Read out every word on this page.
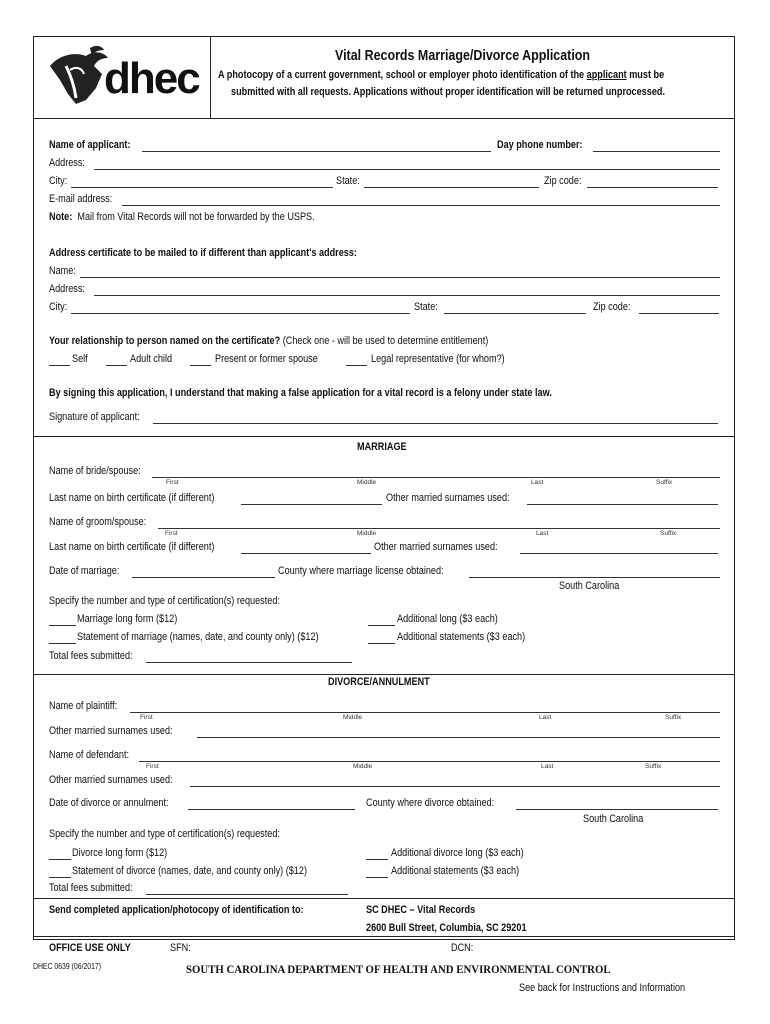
dhec	Vital Records Marriage/Divorce Application
A photocopy of a current government, school or employer photo identification of the applicant must be
submitted with all requests. Applications without proper identification will be returned unprocessed.
Name of applicant:	Day phone number:
Address:
City:	State:	Zip code:
E-mail address:
Note: Mail from Vital Records will not be forwarded by the USPS.
Address certificate to be mailed to if different than applicant's address:
Name:
Address:
City:	State:	Zip code:
Your relationship to person named on the certificate? (Check one - will be used to determine entitlement)
Self	Adult child	Present or former spouse	Legal representative (for whom?)
By signing this application, I understand that making a false application for a vital record is a felony under state law.
Signature of applicant:
MARRIAGE
Name of bride/spouse:
First	Middle	Last	Suffix
Last name on birth certificate (if different)	Other married surnames used:
Name of groom/spouse:
First	Middle	Last	Suffix
Last name on birth certificate (if different)	Other married surnames used:
Date of marriage:	County where marriage license obtained:
South Carolina
Specify the number and type of certification(s) requested:
Marriage long form ($12)	Additional long ($3 each)
Statement of marriage (names, date, and county only) ($12)	Additional statements ($3 each)
Total fees submitted:
DIVORCE/ANNULMENT
Name of plaintiff:
First	Middle	Last	Suffix
Other married surnames used:
Name of defendant:
First	Middle	Last	Suffix
Other married surnames used:
Date of divorce or annulment:	County where divorce obtained:
South Carolina
Specify the number and type of certification(s) requested:
Divorce long form ($12)	Additional divorce long ($3 each)
Statement of divorce (names, date, and county only) ($12)	Additional statements ($3 each)
Total fees submitted:
Send completed application/photocopy of identification to:	SC DHEC – Vital Records
2600 Bull Street, Columbia, SC 29201
OFFICE USE ONLY	SFN:	DCN:
DHEC 0639 (06/2017)	SOUTH CAROLINA DEPARTMENT OF HEALTH AND ENVIRONMENTAL CONTROL
See back for Instructions and Information
